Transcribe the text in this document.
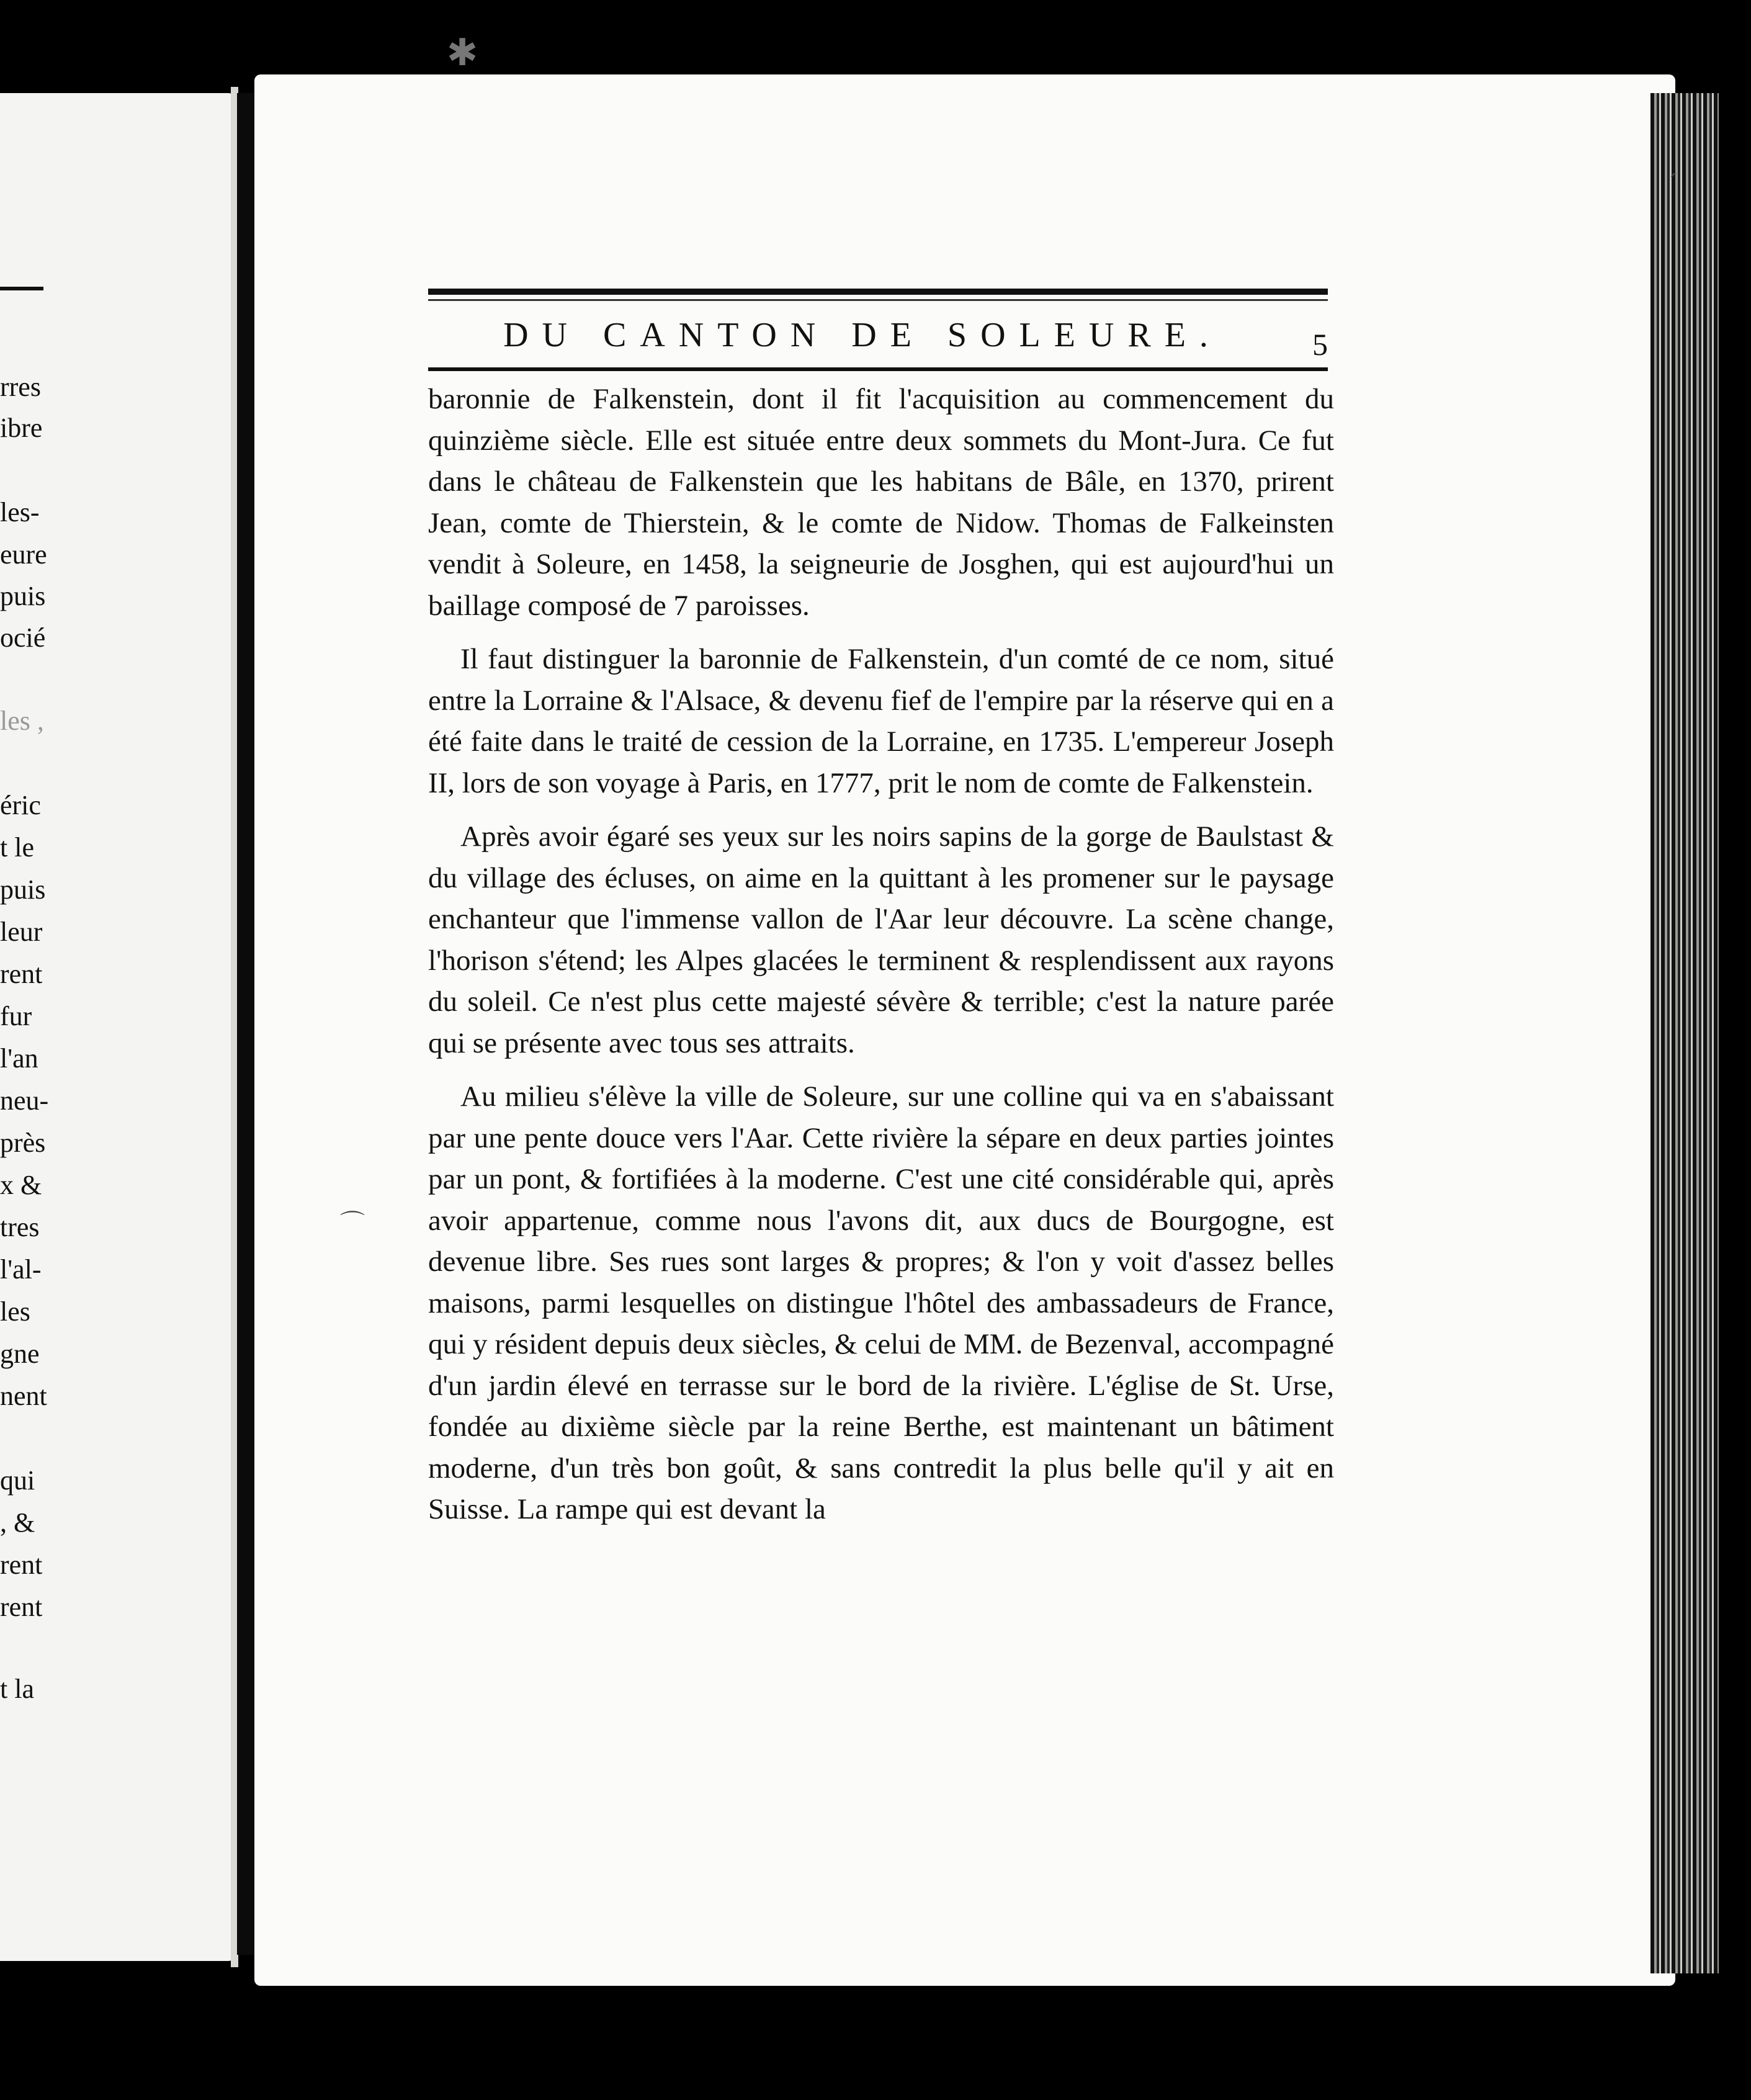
✱
rres
ibre
les-
eure
puis
ocié
les ,
éric
t le
puis
leur
rent
fur
l'an
neu-
près
x &
tres
l'al-
les
gne
nent
qui
, &
rent
rent
t la
DU CANTON DE SOLEURE.	5

baronnie de Falkenstein, dont il fit l'acquisition au commencement du quinzième siècle. Elle est située entre deux sommets du Mont-Jura. Ce fut dans le château de Falkenstein que les habitans de Bâle, en 1370, prirent Jean, comte de Thierstein, & le comte de Nidow. Thomas de Falkeinsten vendit à Soleure, en 1458, la seigneurie de Josghen, qui est aujourd'hui un baillage composé de 7 paroisses.

Il faut distinguer la baronnie de Falkenstein, d'un comté de ce nom, situé entre la Lorraine & l'Alsace, & devenu fief de l'empire par la réserve qui en a été faite dans le traité de cession de la Lorraine, en 1735. L'empereur Joseph II, lors de son voyage à Paris, en 1777, prit le nom de comte de Falkenstein.

Après avoir égaré ses yeux sur les noirs sapins de la gorge de Baulstast & du village des écluses, on aime en la quittant à les promener sur le paysage enchanteur que l'immense vallon de l'Aar leur découvre. La scène change, l'horison s'étend; les Alpes glacées le terminent & resplendissent aux rayons du soleil. Ce n'est plus cette majesté sévère & terrible; c'est la nature parée qui se présente avec tous ses attraits.

Au milieu s'élève la ville de Soleure, sur une colline qui va en s'abaissant par une pente douce vers l'Aar. Cette rivière la sépare en deux parties jointes par un pont, & fortifiées à la moderne. C'est une cité considérable qui, après avoir appartenue, comme nous l'avons dit, aux ducs de Bourgogne, est devenue libre. Ses rues sont larges & propres; & l'on y voit d'assez belles maisons, parmi lesquelles on distingue l'hôtel des ambassadeurs de France, qui y résident depuis deux siècles, & celui de MM. de Bezenval, accompagné d'un jardin élevé en terrasse sur le bord de la rivière. L'église de St. Urse, fondée au dixième siècle par la reine Berthe, est maintenant un bâtiment moderne, d'un très bon goût, & sans contredit la plus belle qu'il y ait en Suisse. La rampe qui est devant la

⌒
ˊ
